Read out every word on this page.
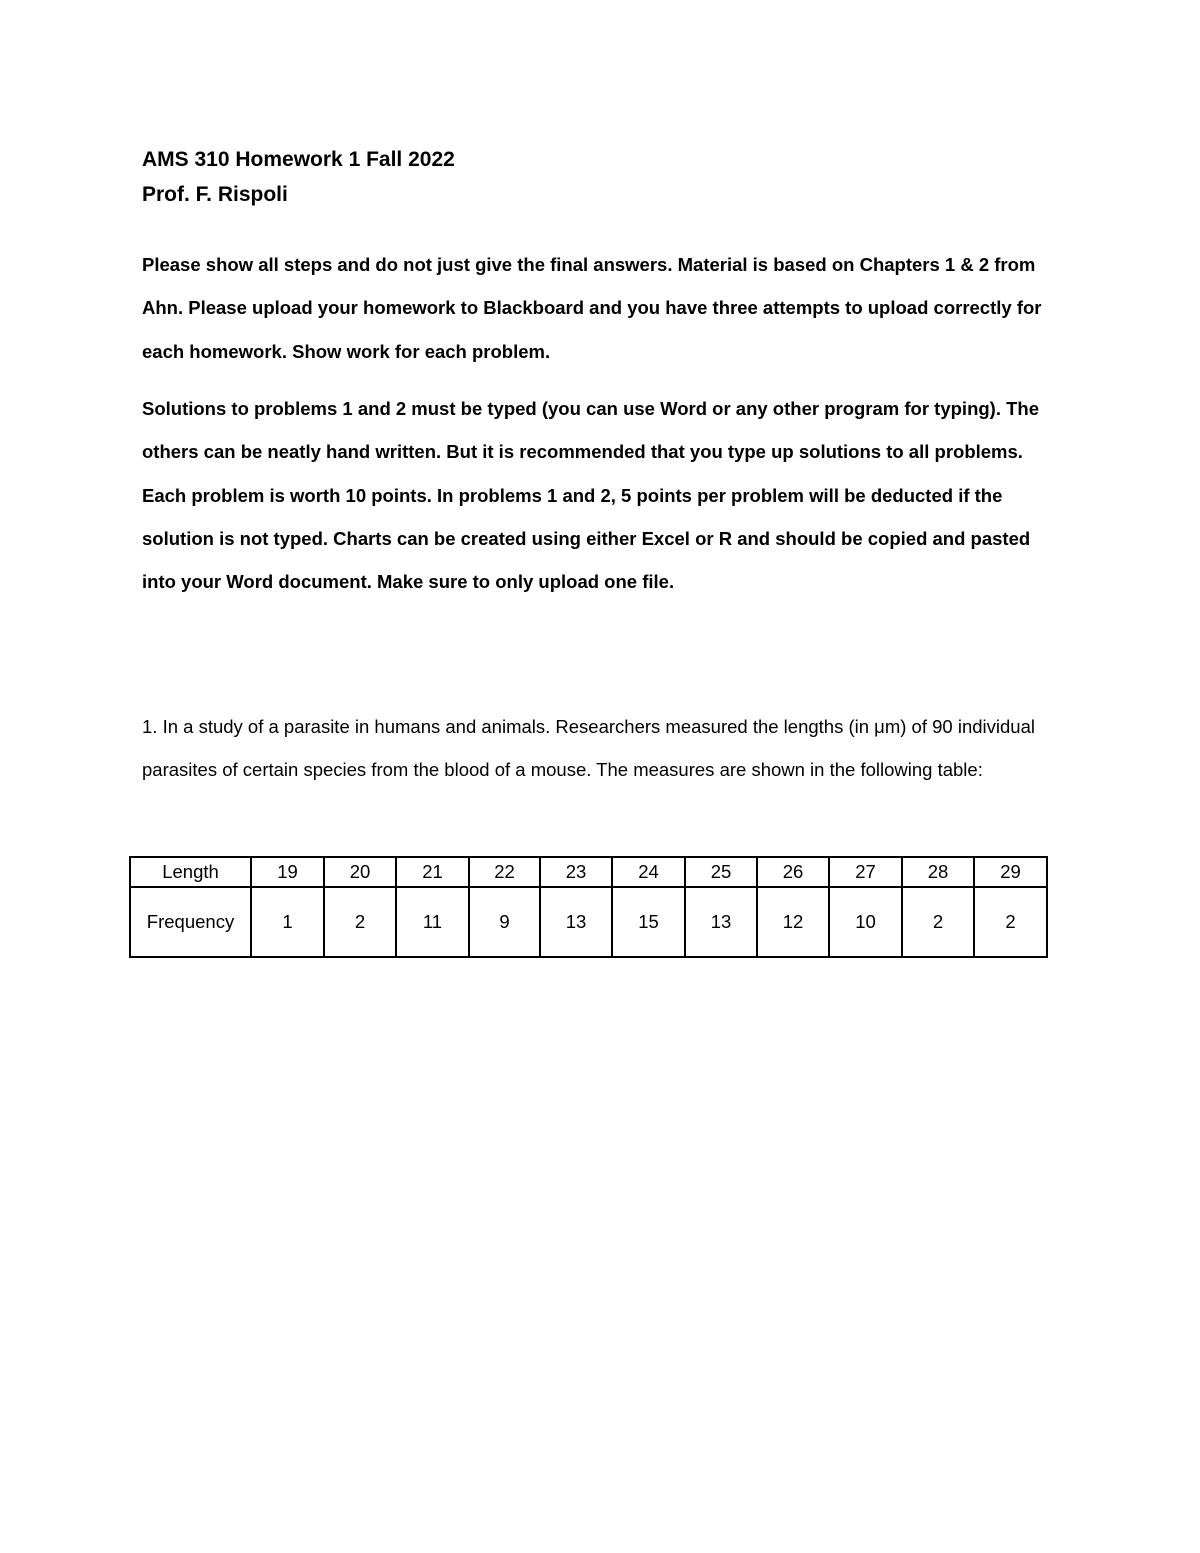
AMS 310 Homework 1 Fall 2022
Prof. F. Rispoli

Please show all steps and do not just give the final answers. Material is based on Chapters 1 & 2 from Ahn. Please upload your homework to Blackboard and you have three attempts to upload correctly for each homework. Show work for each problem.

Solutions to problems 1 and 2 must be typed (you can use Word or any other program for typing). The others can be neatly hand written. But it is recommended that you type up solutions to all problems. Each problem is worth 10 points. In problems 1 and 2, 5 points per problem will be deducted if the solution is not typed. Charts can be created using either Excel or R and should be copied and pasted into your Word document. Make sure to only upload one file.

1. In a study of a parasite in humans and animals. Researchers measured the lengths (in μm) of 90 individual parasites of certain species from the blood of a mouse. The measures are shown in the following table:

Length	19	20	21	22	23	24	25	26	27	28	29
Frequency	1	2	11	9	13	15	13	12	10	2	2
